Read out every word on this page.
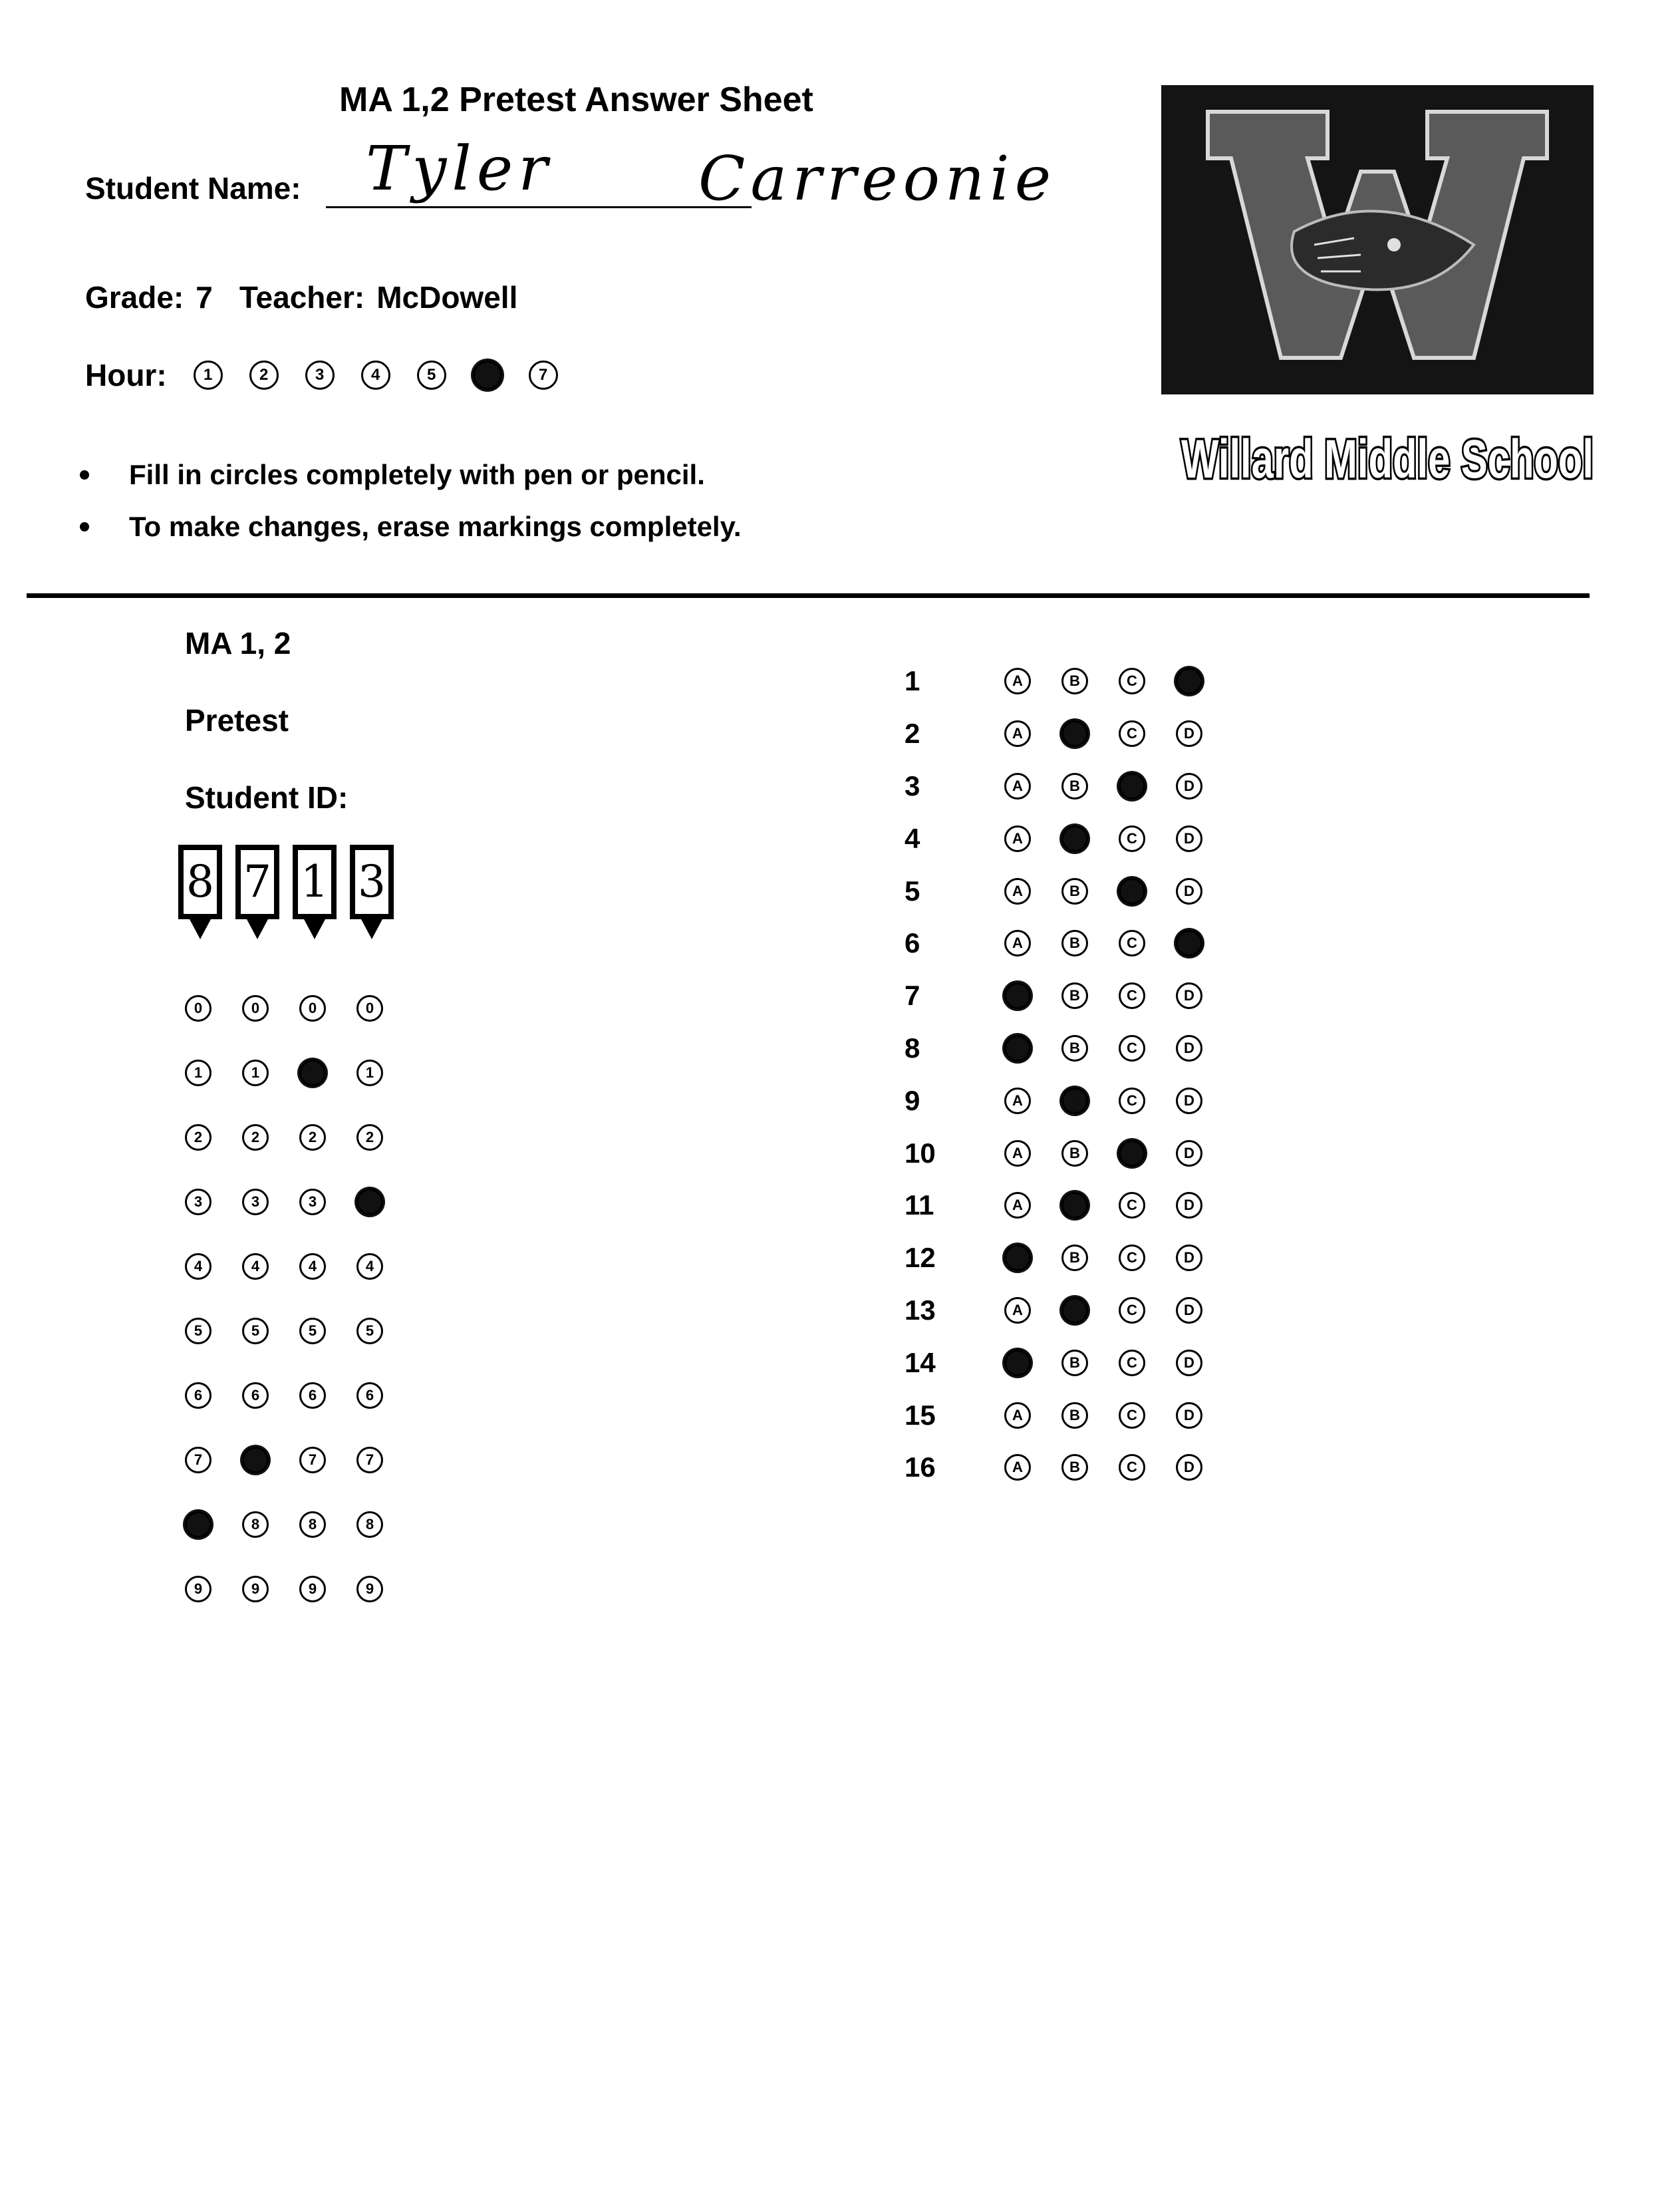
MA 1,2 Pretest Answer Sheet
Student Name: Tyler Carreonie
Grade: 7 Teacher: McDowell
Hour:	1	2	3	4	5	6	7
Fill in circles completely with pen or pencil.
To make changes, erase markings completely.
W
Willard Middle School
MA 1, 2
Pretest
Student ID:
8 7 1 3
0	0	0	0
1	1	1	1
2	2	2	2
3	3	3	3
4	4	4	4
5	5	5	5
6	6	6	6
7	7	7	7
8	8	8	8
9	9	9	9
1	A	B	C	D
2	A	B	C	D
3	A	B	C	D
4	A	B	C	D
5	A	B	C	D
6	A	B	C	D
7	A	B	C	D
8	A	B	C	D
9	A	B	C	D
10	A	B	C	D
11	A	B	C	D
12	A	B	C	D
13	A	B	C	D
14	A	B	C	D
15	A	B	C	D
16	A	B	C	D
